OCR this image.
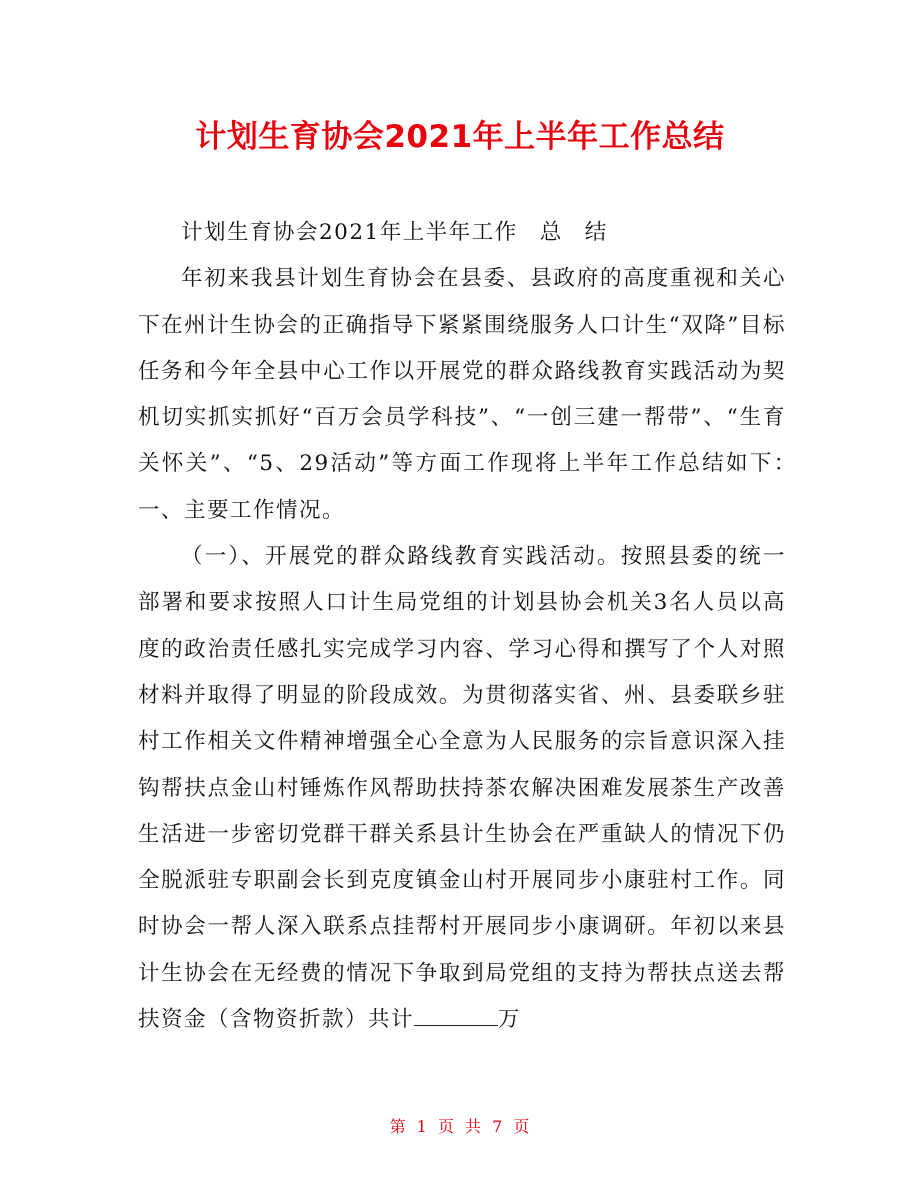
计划生育协会2021年上半年工作总结

计划生育协会2021年上半年工作 总 结

年初来我县计划生育协会在县委、县政府的高度重视和关心下在州计生协会的正确指导下紧紧围绕服务人口计生“双降”目标任务和今年全县中心工作以开展党的群众路线教育实践活动为契机切实抓实抓好“百万会员学科技”、“一创三建一帮带”、“生育关怀关”、“5、29活动”等方面工作现将上半年工作总结如下：　一、主要工作情况。

（一）、开展党的群众路线教育实践活动。按照县委的统一部署和要求按照人口计生局党组的计划县协会机关3名人员以高度的政治责任感扎实完成学习内容、学习心得和撰写了个人对照材料并取得了明显的阶段成效。为贯彻落实省、州、县委联乡驻村工作相关文件精神增强全心全意为人民服务的宗旨意识深入挂钩帮扶点金山村锤炼作风帮助扶持茶农解决困难发展茶生产改善生活进一步密切党群干群关系县计生协会在严重缺人的情况下仍全脱派驻专职副会长到克度镇金山村开展同步小康驻村工作。同时协会一帮人深入联系点挂帮村开展同步小康调研。年初以来县计生协会在无经费的情况下争取到局党组的支持为帮扶点送去帮扶资金（含物资折款）共计	万

第 1 页 共 7 页
